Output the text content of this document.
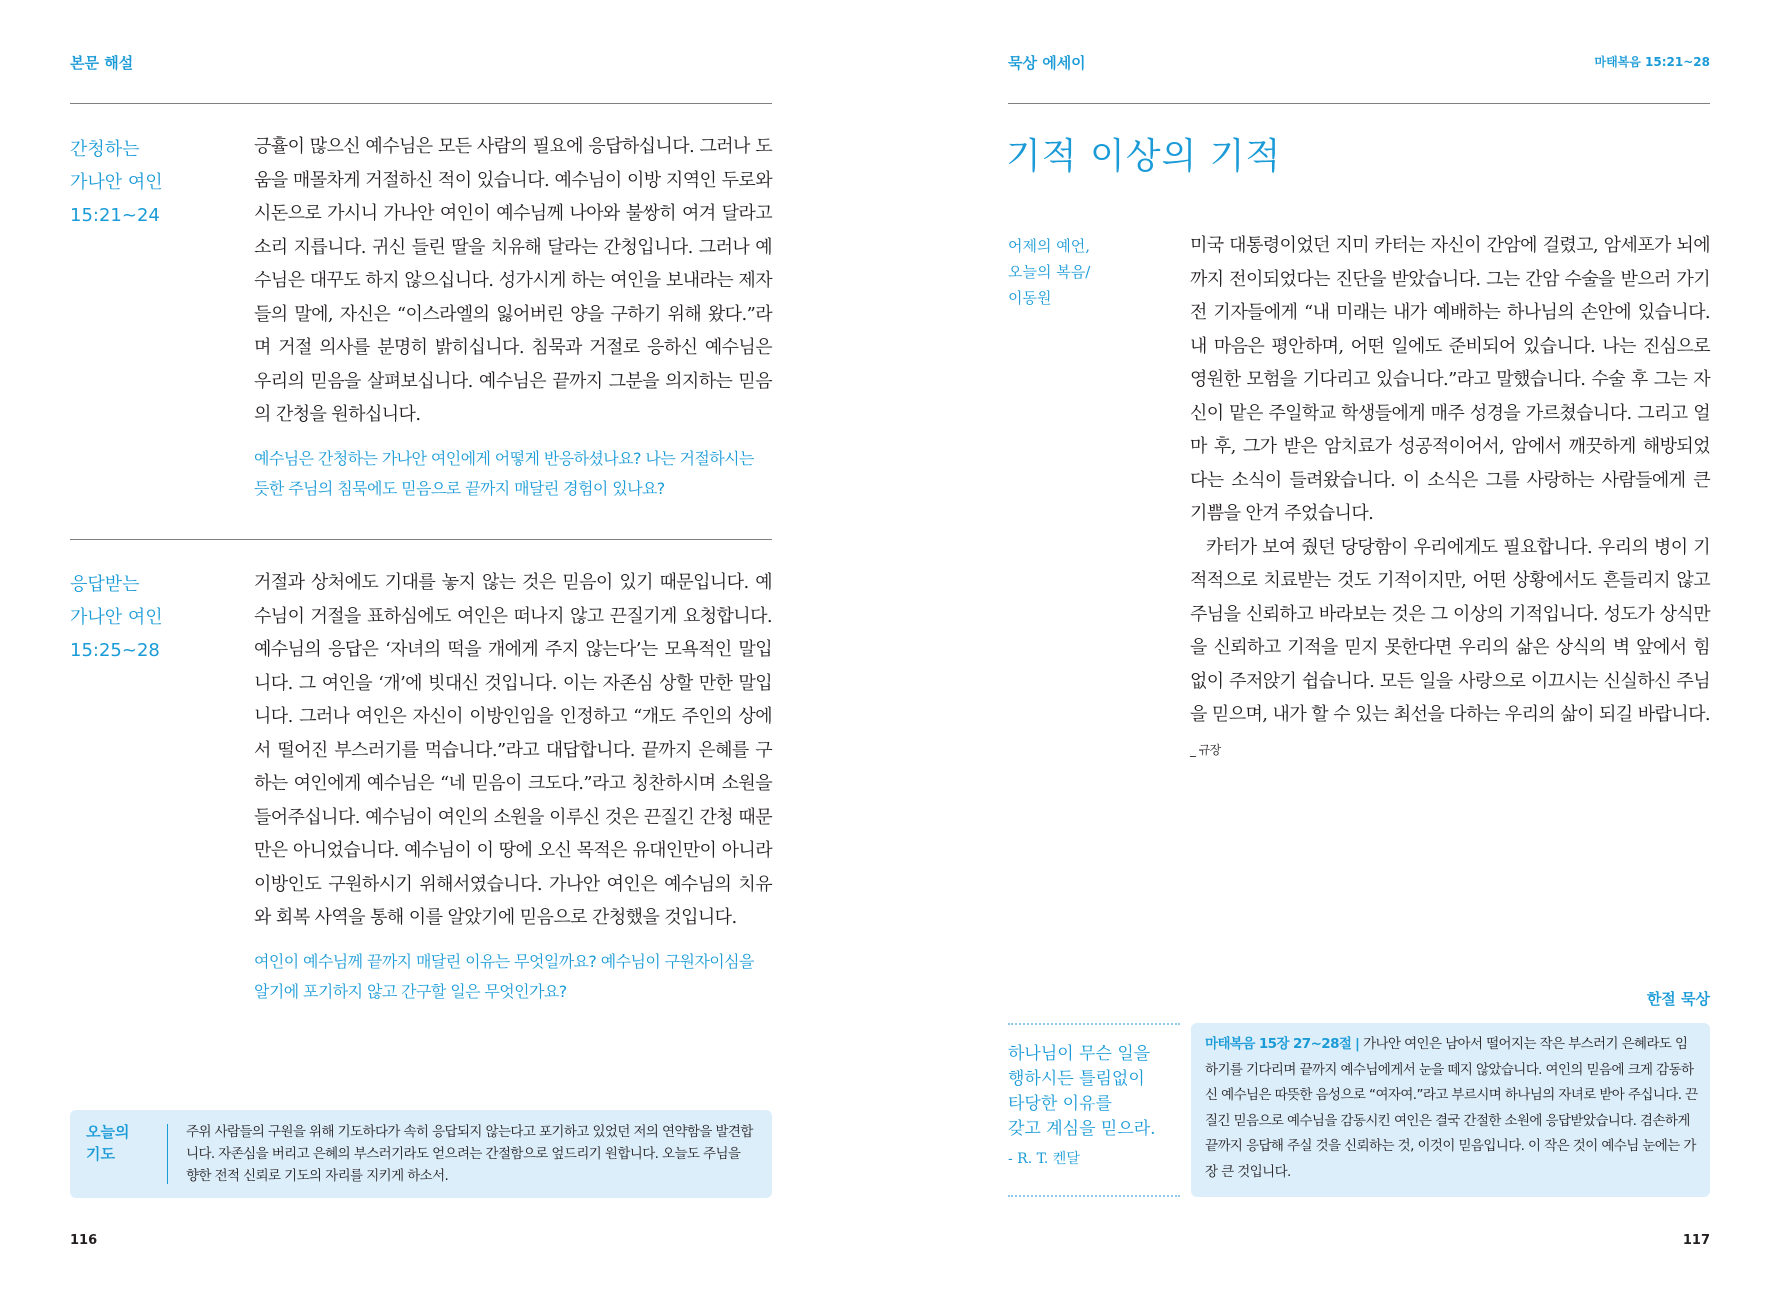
본문 해설
간청하는
가나안 여인
15:21~24

긍휼이 많으신 예수님은 모든 사람의 필요에 응답하십니다. 그러나 도움을 매몰차게 거절하신 적이 있습니다. 예수님이 이방 지역인 두로와 시돈으로 가시니 가나안 여인이 예수님께 나아와 불쌍히 여겨 달라고 소리 지릅니다. 귀신 들린 딸을 치유해 달라는 간청입니다. 그러나 예수님은 대꾸도 하지 않으십니다. 성가시게 하는 여인을 보내라는 제자들의 말에, 자신은 “이스라엘의 잃어버린 양을 구하기 위해 왔다.”라며 거절 의사를 분명히 밝히십니다. 침묵과 거절로 응하신 예수님은 우리의 믿음을 살펴보십니다. 예수님은 끝까지 그분을 의지하는 믿음의 간청을 원하십니다.

예수님은 간청하는 가나안 여인에게 어떻게 반응하셨나요? 나는 거절하시는 듯한 주님의 침묵에도 믿음으로 끝까지 매달린 경험이 있나요?

응답받는
가나안 여인
15:25~28

거절과 상처에도 기대를 놓지 않는 것은 믿음이 있기 때문입니다. 예수님이 거절을 표하심에도 여인은 떠나지 않고 끈질기게 요청합니다. 예수님의 응답은 ‘자녀의 떡을 개에게 주지 않는다’는 모욕적인 말입니다. 그 여인을 ‘개’에 빗대신 것입니다. 이는 자존심 상할 만한 말입니다. 그러나 여인은 자신이 이방인임을 인정하고 “개도 주인의 상에서 떨어진 부스러기를 먹습니다.”라고 대답합니다. 끝까지 은혜를 구하는 여인에게 예수님은 “네 믿음이 크도다.”라고 칭찬하시며 소원을 들어주십니다. 예수님이 여인의 소원을 이루신 것은 끈질긴 간청 때문만은 아니었습니다. 예수님이 이 땅에 오신 목적은 유대인만이 아니라 이방인도 구원하시기 위해서였습니다. 가나안 여인은 예수님의 치유와 회복 사역을 통해 이를 알았기에 믿음으로 간청했을 것입니다.

여인이 예수님께 끝까지 매달린 이유는 무엇일까요? 예수님이 구원자이심을 알기에 포기하지 않고 간구할 일은 무엇인가요?

오늘의
기도
주위 사람들의 구원을 위해 기도하다가 속히 응답되지 않는다고 포기하고 있었던 저의 연약함을 발견합니다. 자존심을 버리고 은혜의 부스러기라도 얻으려는 간절함으로 엎드리기 원합니다. 오늘도 주님을 향한 전적 신뢰로 기도의 자리를 지키게 하소서.
116
묵상 에세이	마태복음 15:21~28
기적 이상의 기적
어제의 예언,
오늘의 복음/
이동원

미국 대통령이었던 지미 카터는 자신이 간암에 걸렸고, 암세포가 뇌에까지 전이되었다는 진단을 받았습니다. 그는 간암 수술을 받으러 가기 전 기자들에게 “내 미래는 내가 예배하는 하나님의 손안에 있습니다. 내 마음은 평안하며, 어떤 일에도 준비되어 있습니다. 나는 진심으로 영원한 모험을 기다리고 있습니다.”라고 말했습니다. 수술 후 그는 자신이 맡은 주일학교 학생들에게 매주 성경을 가르쳤습니다. 그리고 얼마 후, 그가 받은 암치료가 성공적이어서, 암에서 깨끗하게 해방되었다는 소식이 들려왔습니다. 이 소식은 그를 사랑하는 사람들에게 큰 기쁨을 안겨 주었습니다.

카터가 보여 줬던 당당함이 우리에게도 필요합니다. 우리의 병이 기적적으로 치료받는 것도 기적이지만, 어떤 상황에서도 흔들리지 않고 주님을 신뢰하고 바라보는 것은 그 이상의 기적입니다. 성도가 상식만을 신뢰하고 기적을 믿지 못한다면 우리의 삶은 상식의 벽 앞에서 힘없이 주저앉기 쉽습니다. 모든 일을 사랑으로 이끄시는 신실하신 주님을 믿으며, 내가 할 수 있는 최선을 다하는 우리의 삶이 되길 바랍니다. _ 규장

한절 묵상
하나님이 무슨 일을
행하시든 틀림없이
타당한 이유를
갖고 계심을 믿으라.
- R. T. 켄달
마태복음 15장 27~28절 | 가나안 여인은 남아서 떨어지는 작은 부스러기 은혜라도 임하기를 기다리며 끝까지 예수님에게서 눈을 떼지 않았습니다. 여인의 믿음에 크게 감동하신 예수님은 따뜻한 음성으로 “여자여.”라고 부르시며 하나님의 자녀로 받아 주십니다. 끈질긴 믿음으로 예수님을 감동시킨 여인은 결국 간절한 소원에 응답받았습니다. 겸손하게 끝까지 응답해 주실 것을 신뢰하는 것, 이것이 믿음입니다. 이 작은 것이 예수님 눈에는 가장 큰 것입니다.
117
